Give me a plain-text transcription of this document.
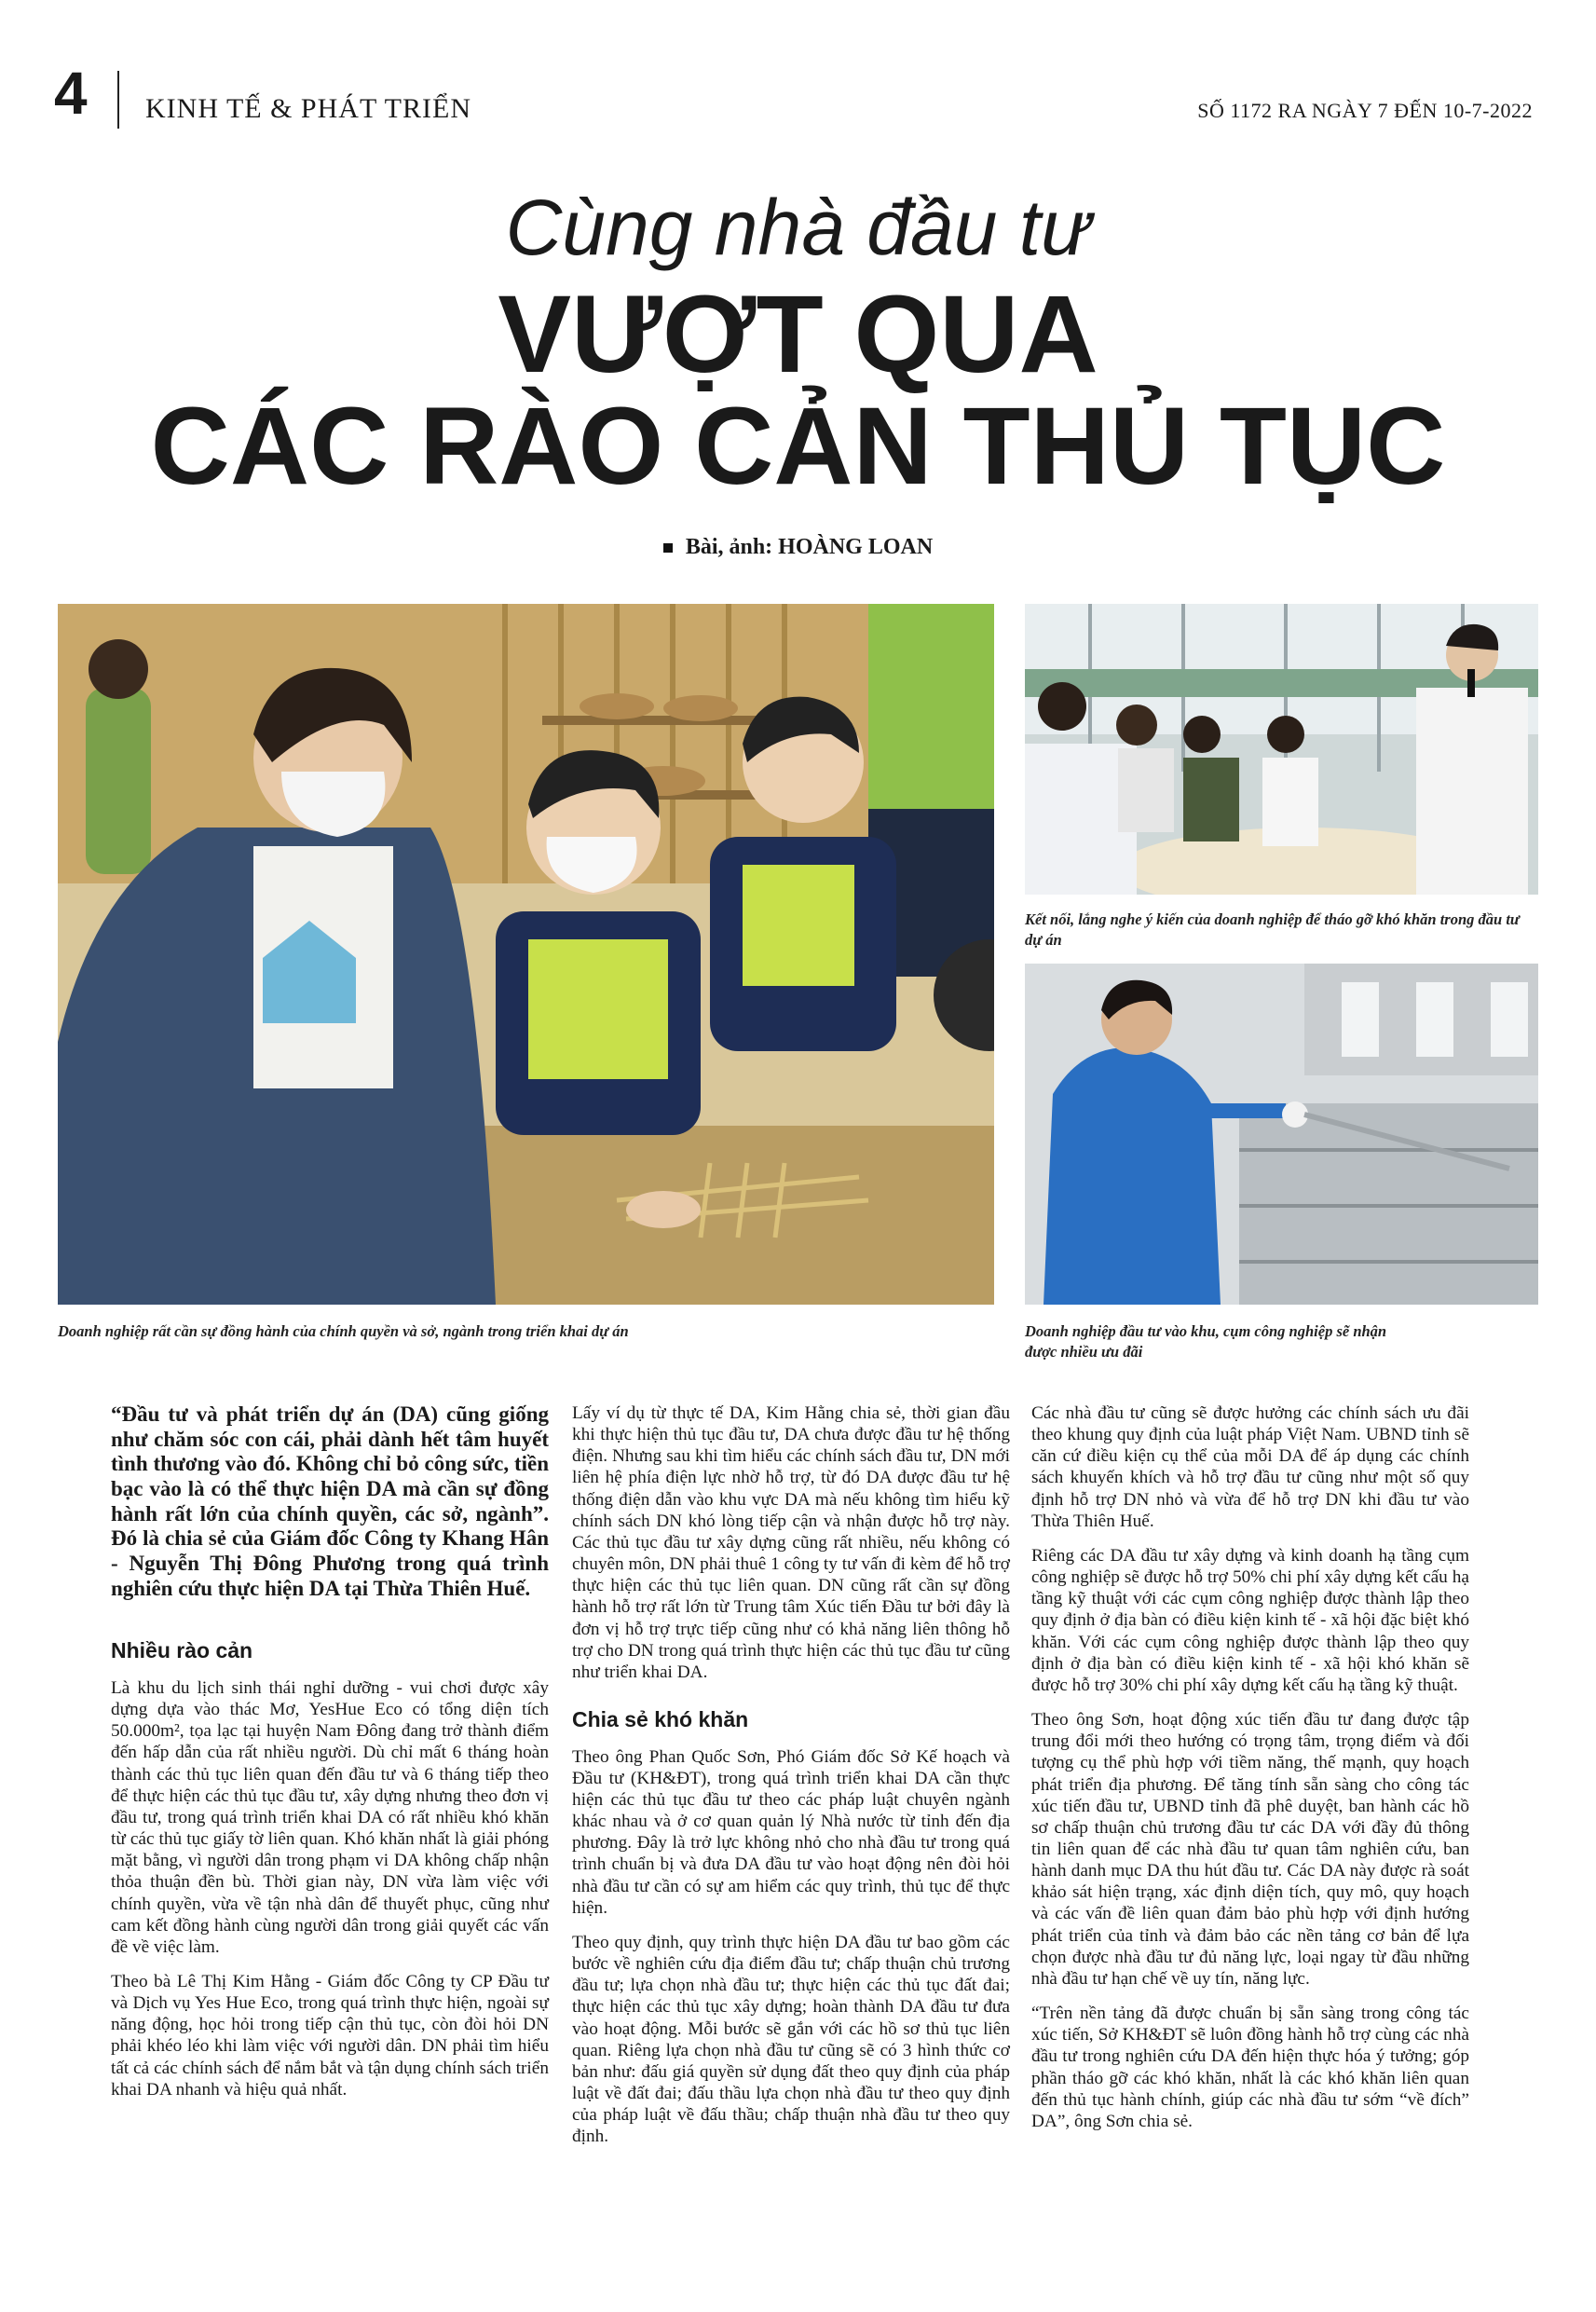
4 KINH TẾ & PHÁT TRIỂN	SỐ 1172 RA NGÀY 7 ĐẾN 10-7-2022
Cùng nhà đầu tư
VƯỢT QUA
CÁC RÀO CẢN THỦ TỤC
Bài, ảnh: HOÀNG LOAN
Doanh nghiệp rất cần sự đồng hành của chính quyền và sở, ngành trong triển khai dự án
Kết nối, lắng nghe ý kiến của doanh nghiệp để tháo gỡ khó khăn trong đầu tư dự án
Doanh nghiệp đầu tư vào khu, cụm công nghiệp sẽ nhận được nhiều ưu đãi

“Đầu tư và phát triển dự án (DA) cũng giống như chăm sóc con cái, phải dành hết tâm huyết tình thương vào đó. Không chỉ bỏ công sức, tiền bạc vào là có thể thực hiện DA mà cần sự đồng hành rất lớn của chính quyền, các sở, ngành”. Đó là chia sẻ của Giám đốc Công ty Khang Hân - Nguyễn Thị Đông Phương trong quá trình nghiên cứu thực hiện DA tại Thừa Thiên Huế.

Nhiều rào cản

Là khu du lịch sinh thái nghỉ dưỡng - vui chơi được xây dựng dựa vào thác Mơ, YesHue Eco có tổng diện tích 50.000m², tọa lạc tại huyện Nam Đông đang trở thành điểm đến hấp dẫn của rất nhiều người. Dù chỉ mất 6 tháng hoàn thành các thủ tục liên quan đến đầu tư và 6 tháng tiếp theo để thực hiện các thủ tục đầu tư, xây dựng nhưng theo đơn vị đầu tư, trong quá trình triển khai DA có rất nhiều khó khăn từ các thủ tục giấy tờ liên quan. Khó khăn nhất là giải phóng mặt bằng, vì người dân trong phạm vi DA không chấp nhận thỏa thuận đền bù. Thời gian này, DN vừa làm việc với chính quyền, vừa về tận nhà dân để thuyết phục, cũng như cam kết đồng hành cùng người dân trong giải quyết các vấn đề về việc làm.

Theo bà Lê Thị Kim Hằng - Giám đốc Công ty CP Đầu tư và Dịch vụ Yes Hue Eco, trong quá trình thực hiện, ngoài sự năng động, học hỏi trong tiếp cận thủ tục, còn đòi hỏi DN phải khéo léo khi làm việc với người dân. DN phải tìm hiểu tất cả các chính sách để nắm bắt và tận dụng chính sách triển khai DA nhanh và hiệu quả nhất.

Lấy ví dụ từ thực tế DA, Kim Hằng chia sẻ, thời gian đầu khi thực hiện thủ tục đầu tư, DA chưa được đầu tư hệ thống điện. Nhưng sau khi tìm hiểu các chính sách đầu tư, DN mới liên hệ phía điện lực nhờ hỗ trợ, từ đó DA được đầu tư hệ thống điện dẫn vào khu vực DA mà nếu không tìm hiểu kỹ chính sách DN khó lòng tiếp cận và nhận được hỗ trợ này. Các thủ tục đầu tư xây dựng cũng rất nhiều, nếu không có chuyên môn, DN phải thuê 1 công ty tư vấn đi kèm để hỗ trợ thực hiện các thủ tục liên quan. DN cũng rất cần sự đồng hành hỗ trợ rất lớn từ Trung tâm Xúc tiến Đầu tư bởi đây là đơn vị hỗ trợ trực tiếp cũng như có khả năng liên thông hỗ trợ cho DN trong quá trình thực hiện các thủ tục đầu tư cũng như triển khai DA.

Chia sẻ khó khăn

Theo ông Phan Quốc Sơn, Phó Giám đốc Sở Kế hoạch và Đầu tư (KH&ĐT), trong quá trình triển khai DA cần thực hiện các thủ tục đầu tư theo các pháp luật chuyên ngành khác nhau và ở cơ quan quản lý Nhà nước từ tỉnh đến địa phương. Đây là trở lực không nhỏ cho nhà đầu tư trong quá trình chuẩn bị và đưa DA đầu tư vào hoạt động nên đòi hỏi nhà đầu tư cần có sự am hiểm các quy trình, thủ tục để thực hiện.

Theo quy định, quy trình thực hiện DA đầu tư bao gồm các bước về nghiên cứu địa điểm đầu tư; chấp thuận chủ trương đầu tư; lựa chọn nhà đầu tư; thực hiện các thủ tục đất đai; thực hiện các thủ tục xây dựng; hoàn thành DA đầu tư đưa vào hoạt động. Mỗi bước sẽ gắn với các hồ sơ thủ tục liên quan. Riêng lựa chọn nhà đầu tư cũng sẽ có 3 hình thức cơ bản như: đấu giá quyền sử dụng đất theo quy định của pháp luật về đất đai; đấu thầu lựa chọn nhà đầu tư theo quy định của pháp luật về đấu thầu; chấp thuận nhà đầu tư theo quy định.

Các nhà đầu tư cũng sẽ được hưởng các chính sách ưu đãi theo khung quy định của luật pháp Việt Nam. UBND tỉnh sẽ căn cứ điều kiện cụ thể của mỗi DA để áp dụng các chính sách khuyến khích và hỗ trợ đầu tư cũng như một số quy định hỗ trợ DN nhỏ và vừa để hỗ trợ DN khi đầu tư vào Thừa Thiên Huế.

Riêng các DA đầu tư xây dựng và kinh doanh hạ tầng cụm công nghiệp sẽ được hỗ trợ 50% chi phí xây dựng kết cấu hạ tầng kỹ thuật với các cụm công nghiệp được thành lập theo quy định ở địa bàn có điều kiện kinh tế - xã hội đặc biệt khó khăn. Với các cụm công nghiệp được thành lập theo quy định ở địa bàn có điều kiện kinh tế - xã hội khó khăn sẽ được hỗ trợ 30% chi phí xây dựng kết cấu hạ tầng kỹ thuật.

Theo ông Sơn, hoạt động xúc tiến đầu tư đang được tập trung đổi mới theo hướng có trọng tâm, trọng điểm và đối tượng cụ thể phù hợp với tiềm năng, thế mạnh, quy hoạch phát triển địa phương. Để tăng tính sẵn sàng cho công tác xúc tiến đầu tư, UBND tỉnh đã phê duyệt, ban hành các hồ sơ chấp thuận chủ trương đầu tư các DA với đầy đủ thông tin liên quan để các nhà đầu tư quan tâm nghiên cứu, ban hành danh mục DA thu hút đầu tư. Các DA này được rà soát khảo sát hiện trạng, xác định diện tích, quy mô, quy hoạch và các vấn đề liên quan đảm bảo phù hợp với định hướng phát triển của tỉnh và đảm bảo các nền tảng cơ bản để lựa chọn được nhà đầu tư đủ năng lực, loại ngay từ đầu những nhà đầu tư hạn chế về uy tín, năng lực.

“Trên nền tảng đã được chuẩn bị sẵn sàng trong công tác xúc tiến, Sở KH&ĐT sẽ luôn đồng hành hỗ trợ cùng các nhà đầu tư trong nghiên cứu DA đến hiện thực hóa ý tưởng; góp phần tháo gỡ các khó khăn, nhất là các khó khăn liên quan đến thủ tục hành chính, giúp các nhà đầu tư sớm “về đích” DA”, ông Sơn chia sẻ.
